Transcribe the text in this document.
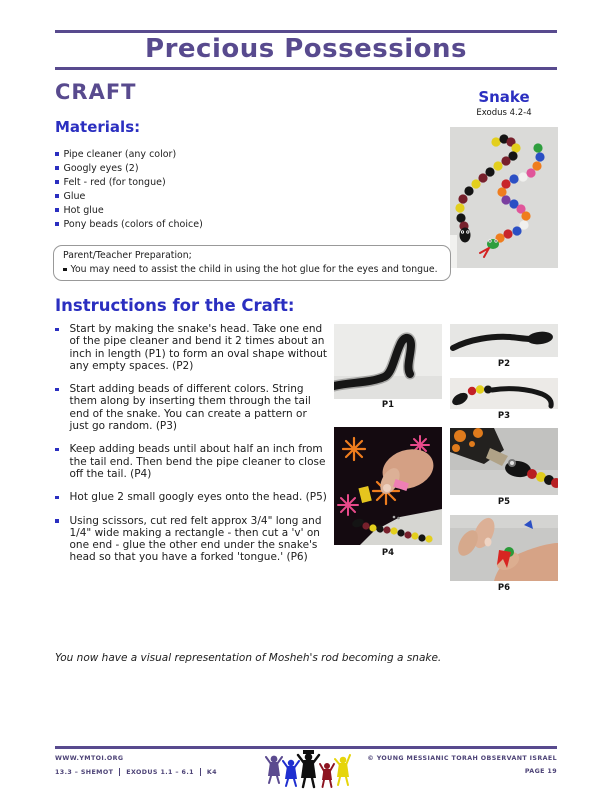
Precious Possessions
CRAFT	Snake
Exodus 4.2-4
Materials:
Pipe cleaner (any color)
Googly eyes (2)
Felt - red (for tongue)
Glue
Hot glue
Pony beads (colors of choice)
Parent/Teacher Preparation;
You may need to assist the child in using the hot glue for the eyes and tongue.
Instructions for the Craft:
Start by making the snake's head. Take one end of the pipe cleaner and bend it 2 times about an inch in length (P1) to form an oval shape without any empty spaces. (P2)
Start adding beads of different colors. String them along by inserting them through the tail end of the snake. You can create a pattern or just go random. (P3)
Keep adding beads until about half an inch from the tail end. Then bend the pipe cleaner to close off the tail. (P4)
Hot glue 2 small googly eyes onto the head. (P5)
Using scissors, cut red felt approx 3/4" long and 1/4" wide making a rectangle - then cut a 'v' on one end - glue the other end under the snake's head so that you have a forked 'tongue.' (P6)
P1
P2
P3
P4
P5
P6
You now have a visual representation of Mosheh's rod becoming a snake.
WWW.YMTOI.ORG
13.3 – SHEMOT EXODUS 1.1 – 6.1 K4
© YOUNG MESSIANIC TORAH OBSERVANT ISRAEL
PAGE 19
